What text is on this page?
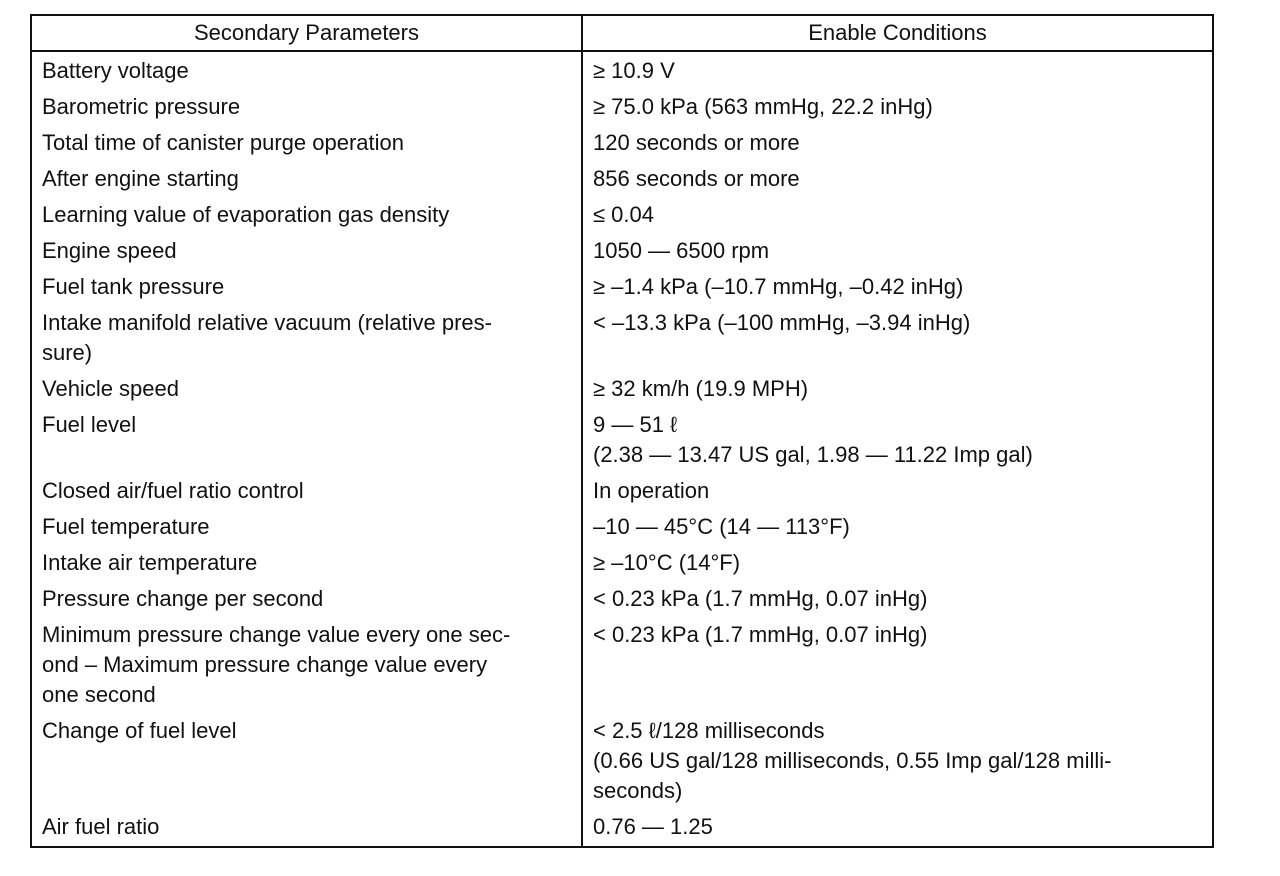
Secondary Parameters	Enable Conditions
Battery voltage	≥ 10.9 V
Barometric pressure	≥ 75.0 kPa (563 mmHg, 22.2 inHg)
Total time of canister purge operation	120 seconds or more
After engine starting	856 seconds or more
Learning value of evaporation gas density	≤ 0.04
Engine speed	1050 — 6500 rpm
Fuel tank pressure	≥ –1.4 kPa (–10.7 mmHg, –0.42 inHg)
Intake manifold relative vacuum (relative pres-
sure)	< –13.3 kPa (–100 mmHg, –3.94 inHg)
Vehicle speed	≥ 32 km/h (19.9 MPH)
Fuel level	9 — 51 ℓ
(2.38 — 13.47 US gal, 1.98 — 11.22 Imp gal)
Closed air/fuel ratio control	In operation
Fuel temperature	–10 — 45°C (14 — 113°F)
Intake air temperature	≥ –10°C (14°F)
Pressure change per second	< 0.23 kPa (1.7 mmHg, 0.07 inHg)
Minimum pressure change value every one sec-
ond – Maximum pressure change value every
one second	< 0.23 kPa (1.7 mmHg, 0.07 inHg)
Change of fuel level	< 2.5 ℓ/128 milliseconds
(0.66 US gal/128 milliseconds, 0.55 Imp gal/128 milli-
seconds)
Air fuel ratio	0.76 — 1.25
